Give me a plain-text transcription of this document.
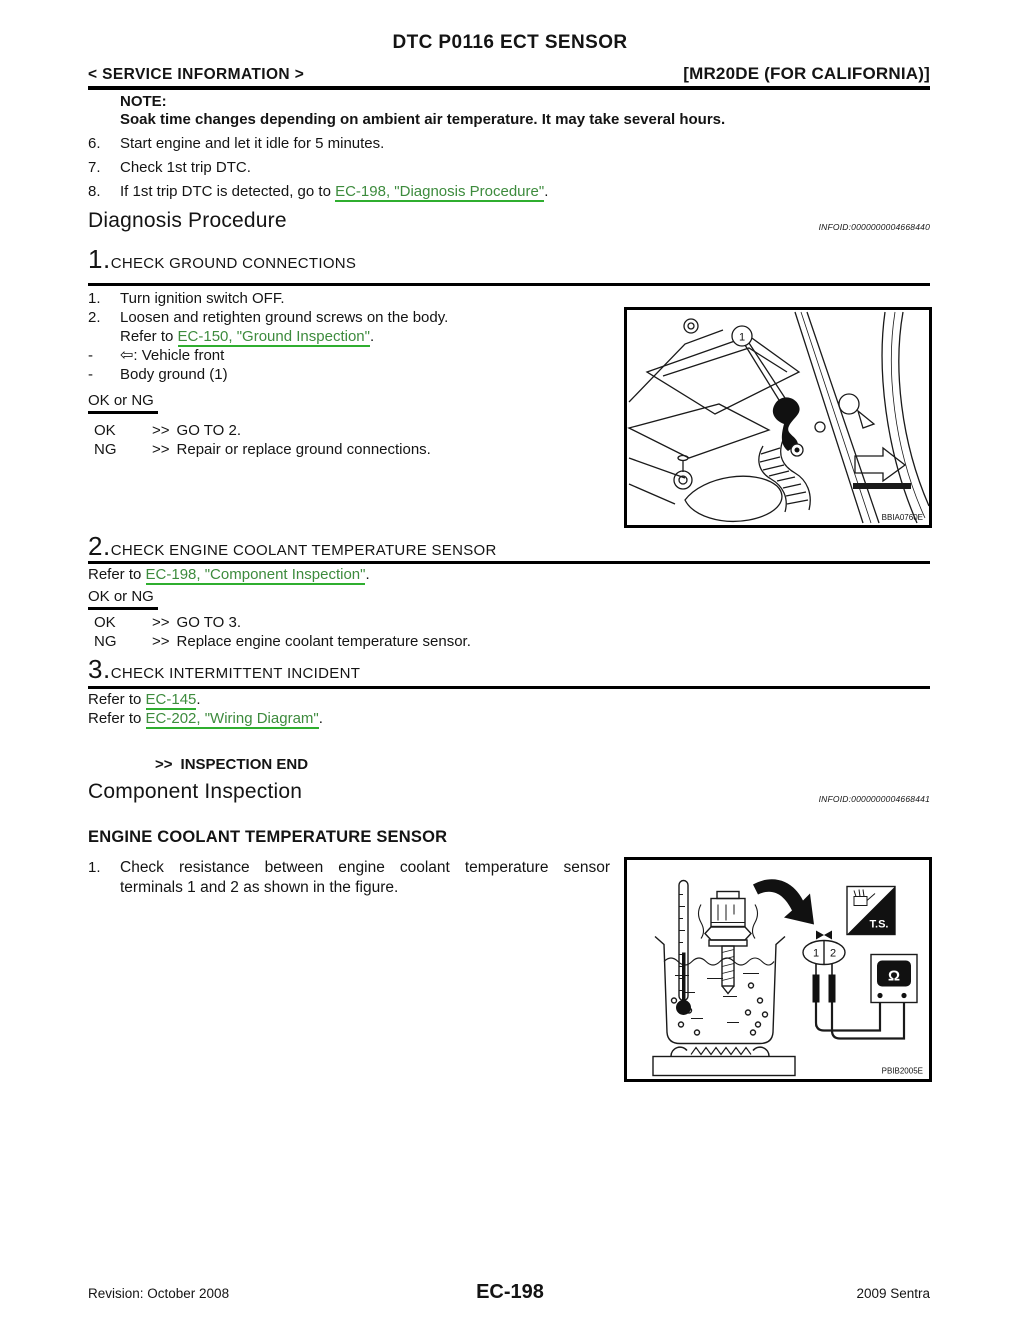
DTC P0116 ECT SENSOR
< SERVICE INFORMATION >	[MR20DE (FOR CALIFORNIA)]
NOTE:
Soak time changes depending on ambient air temperature. It may take several hours.
6.	Start engine and let it idle for 5 minutes.
7.	Check 1st trip DTC.
8.	If 1st trip DTC is detected, go to EC-198, "Diagnosis Procedure".
Diagnosis Procedure	INFOID:0000000004668440
1. CHECK GROUND CONNECTIONS
1.	Turn ignition switch OFF.
2.	Loosen and retighten ground screws on the body.
Refer to EC-150, "Ground Inspection".
-	⇦: Vehicle front
-	Body ground (1)
OK or NG
OK	>> GO TO 2.
NG	>> Repair or replace ground connections.
1
BBIA0760E
2. CHECK ENGINE COOLANT TEMPERATURE SENSOR
Refer to EC-198, "Component Inspection".
OK or NG
OK	>> GO TO 3.
NG	>> Replace engine coolant temperature sensor.
3. CHECK INTERMITTENT INCIDENT
Refer to EC-145.
Refer to EC-202, "Wiring Diagram".
>> INSPECTION END
Component Inspection	INFOID:0000000004668441
ENGINE COOLANT TEMPERATURE SENSOR
1.	Check resistance between engine coolant temperature sensor terminals 1 and 2 as shown in the figure.
T.S.
1 2
Ω
PBIB2005E
Revision: October 2008	EC-198	2009 Sentra
